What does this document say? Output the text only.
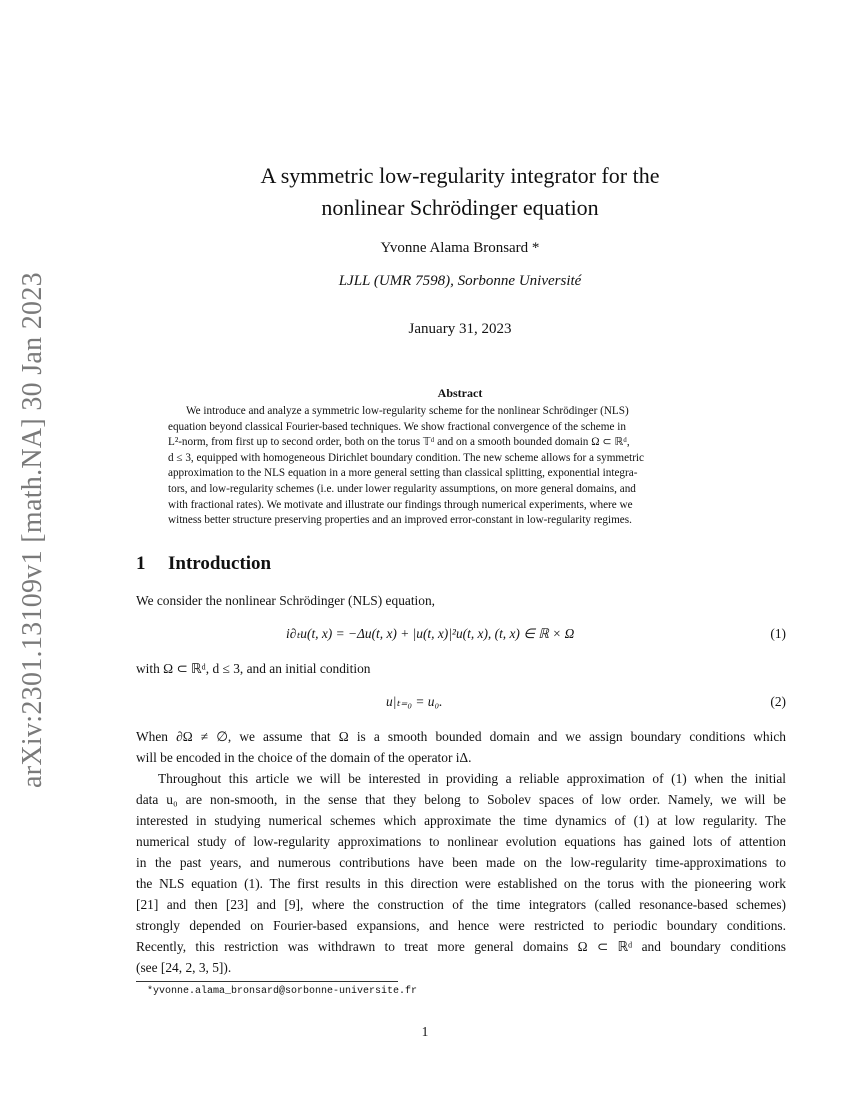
arXiv:2301.13109v1 [math.NA] 30 Jan 2023
A symmetric low-regularity integrator for the
nonlinear Schrödinger equation
Yvonne Alama Bronsard *
LJLL (UMR 7598), Sorbonne Université
January 31, 2023
Abstract
We introduce and analyze a symmetric low-regularity scheme for the nonlinear Schrödinger (NLS)
equation beyond classical Fourier-based techniques. We show fractional convergence of the scheme in
L²-norm, from first up to second order, both on the torus 𝕋ᵈ and on a smooth bounded domain Ω ⊂ ℝᵈ,
d ≤ 3, equipped with homogeneous Dirichlet boundary condition. The new scheme allows for a symmetric
approximation to the NLS equation in a more general setting than classical splitting, exponential integra-
tors, and low-regularity schemes (i.e. under lower regularity assumptions, on more general domains, and
with fractional rates). We motivate and illustrate our findings through numerical experiments, where we
witness better structure preserving properties and an improved error-constant in low-regularity regimes.
1 Introduction
We consider the nonlinear Schrödinger (NLS) equation,
i∂ₜu(t, x) = −Δu(t, x) + |u(t, x)|²u(t, x), (t, x) ∈ ℝ × Ω	(1)
with Ω ⊂ ℝᵈ, d ≤ 3, and an initial condition
u|ₜ₌₀ = u₀.	(2)
When ∂Ω ≠ ∅, we assume that Ω is a smooth bounded domain and we assign boundary conditions which
will be encoded in the choice of the domain of the operator iΔ.
Throughout this article we will be interested in providing a reliable approximation of (1) when the initial
data u₀ are non-smooth, in the sense that they belong to Sobolev spaces of low order. Namely, we will be
interested in studying numerical schemes which approximate the time dynamics of (1) at low regularity. The
numerical study of low-regularity approximations to nonlinear evolution equations has gained lots of attention
in the past years, and numerous contributions have been made on the low-regularity time-approximations to
the NLS equation (1). The first results in this direction were established on the torus with the pioneering work
[21] and then [23] and [9], where the construction of the time integrators (called resonance-based schemes)
strongly depended on Fourier-based expansions, and hence were restricted to periodic boundary conditions.
Recently, this restriction was withdrawn to treat more general domains Ω ⊂ ℝᵈ and boundary conditions
(see [24, 2, 3, 5]).
*yvonne.alama_bronsard@sorbonne-universite.fr
1
